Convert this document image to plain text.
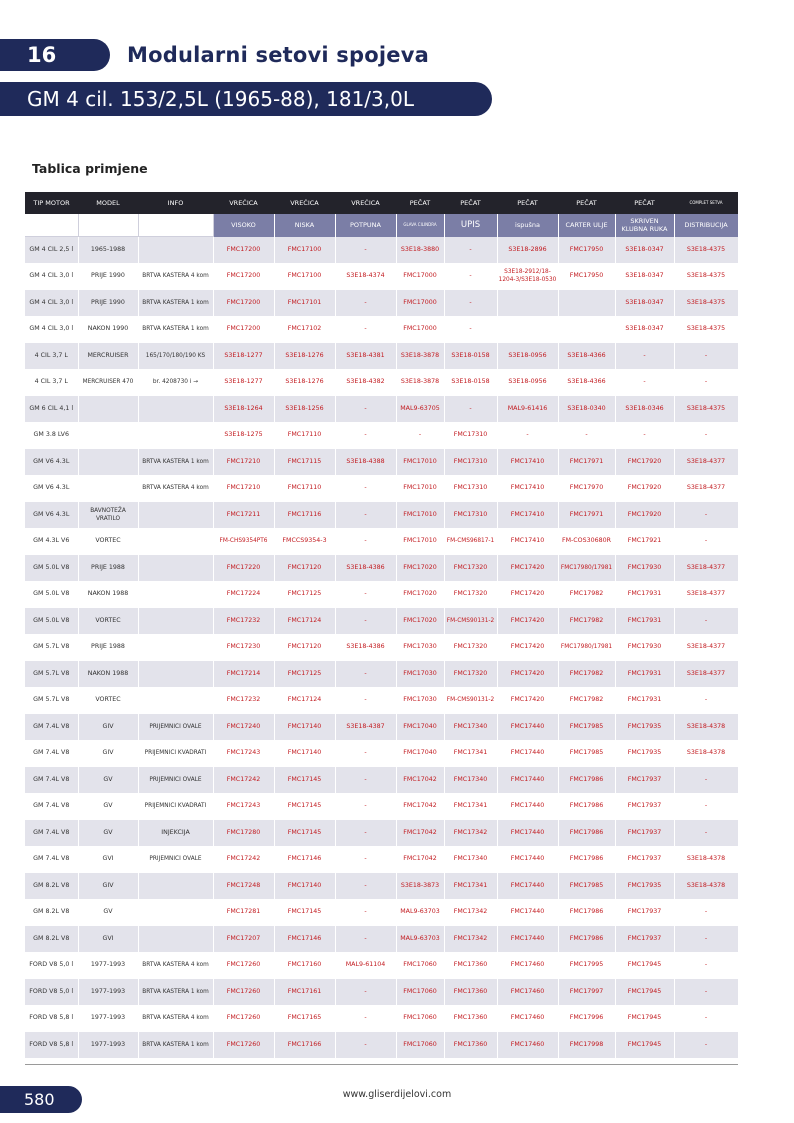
16	Modularni setovi spojeva
GM 4 cil. 153/2,5L (1965-88), 181/3,0L
Tablica primjene
TIP MOTOR	MODEL	INFO	VREĆICA	VREĆICA	VREĆICA	PEČAT	PEČAT	PEČAT	PEČAT	PEČAT	COMPLET SETVA
			VISOKO	NISKA	POTPUNA	GLAVA CILINDRA	UPIS	ispušna	CARTER ULJE	SKRIVEN KLUBNA RUKA	DISTRIBUCIJA
GM 4 CIL 2,5 l	1965-1988		FMC17200	FMC17100	-	S3E18-3880	-	S3E18-2896	FMC17950	S3E18-0347	S3E18-4375
GM 4 CIL 3,0 l	PRIJE 1990	BRTVA KASTERA 4 kom	FMC17200	FMC17100	S3E18-4374	FMC17000	-	S3E18-2912/18-1204-3/S3E18-0530	FMC17950	S3E18-0347	S3E18-4375
GM 4 CIL 3,0 l	PRIJE 1990	BRTVA KASTERA 1 kom	FMC17200	FMC17101	-	FMC17000	-			S3E18-0347	S3E18-4375
GM 4 CIL 3,0 l	NAKON 1990	BRTVA KASTERA 1 kom	FMC17200	FMC17102	-	FMC17000	-			S3E18-0347	S3E18-4375
4 CIL 3,7 L	MERCRUISER	165/170/180/190 KS	S3E18-1277	S3E18-1276	S3E18-4381	S3E18-3878	S3E18-0158	S3E18-0956	S3E18-4366	-	-
4 CIL 3,7 L	MERCRUISER 470	br. 4208730 i →	S3E18-1277	S3E18-1276	S3E18-4382	S3E18-3878	S3E18-0158	S3E18-0956	S3E18-4366	-	-
GM 6 CIL 4,1 l			S3E18-1264	S3E18-1256	-	MAL9-63705	-	MAL9-61416	S3E18-0340	S3E18-0346	S3E18-4375
GM 3.8 LV6			S3E18-1275	FMC17110	-	-	FMC17310	-	-	-	-
GM V6 4.3L		BRTVA KASTERA 1 kom	FMC17210	FMC17115	S3E18-4388	FMC17010	FMC17310	FMC17410	FMC17971	FMC17920	S3E18-4377
GM V6 4.3L		BRTVA KASTERA 4 kom	FMC17210	FMC17110	-	FMC17010	FMC17310	FMC17410	FMC17970	FMC17920	S3E18-4377
GM V6 4.3L	BAVNOTEŽA VRATILO		FMC17211	FMC17116	-	FMC17010	FMC17310	FMC17410	FMC17971	FMC17920	-
GM 4.3L V6	VORTEC		FM-CHS9354PT6	FMCCS9354-3	-	FMC17010	FM-CMS96817-1	FMC17410	FM-COS30680R	FMC17921	-
GM 5.0L V8	PRIJE 1988		FMC17220	FMC17120	S3E18-4386	FMC17020	FMC17320	FMC17420	FMC17980/17981	FMC17930	S3E18-4377
GM 5.0L V8	NAKON 1988		FMC17224	FMC17125	-	FMC17020	FMC17320	FMC17420	FMC17982	FMC17931	S3E18-4377
GM 5.0L V8	VORTEC		FMC17232	FMC17124	-	FMC17020	FM-CMS90131-2	FMC17420	FMC17982	FMC17931	-
GM 5.7L V8	PRIJE 1988		FMC17230	FMC17120	S3E18-4386	FMC17030	FMC17320	FMC17420	FMC17980/17981	FMC17930	S3E18-4377
GM 5.7L V8	NAKON 1988		FMC17214	FMC17125	-	FMC17030	FMC17320	FMC17420	FMC17982	FMC17931	S3E18-4377
GM 5.7L V8	VORTEC		FMC17232	FMC17124	-	FMC17030	FM-CMS90131-2	FMC17420	FMC17982	FMC17931	-
GM 7.4L V8	GIV	PRIJEMNICI OVALE	FMC17240	FMC17140	S3E18-4387	FMC17040	FMC17340	FMC17440	FMC17985	FMC17935	S3E18-4378
GM 7.4L V8	GIV	PRIJEMNICI KVADRATI	FMC17243	FMC17140	-	FMC17040	FMC17341	FMC17440	FMC17985	FMC17935	S3E18-4378
GM 7.4L V8	GV	PRIJEMNICI OVALE	FMC17242	FMC17145	-	FMC17042	FMC17340	FMC17440	FMC17986	FMC17937	-
GM 7.4L V8	GV	PRIJEMNICI KVADRATI	FMC17243	FMC17145	-	FMC17042	FMC17341	FMC17440	FMC17986	FMC17937	-
GM 7.4L V8	GV	INJEKCIJA	FMC17280	FMC17145	-	FMC17042	FMC17342	FMC17440	FMC17986	FMC17937	-
GM 7.4L V8	GVI	PRIJEMNICI OVALE	FMC17242	FMC17146	-	FMC17042	FMC17340	FMC17440	FMC17986	FMC17937	S3E18-4378
GM 8.2L V8	GIV		FMC17248	FMC17140	-	S3E18-3873	FMC17341	FMC17440	FMC17985	FMC17935	S3E18-4378
GM 8.2L V8	GV		FMC17281	FMC17145	-	MAL9-63703	FMC17342	FMC17440	FMC17986	FMC17937	-
GM 8.2L V8	GVI		FMC17207	FMC17146	-	MAL9-63703	FMC17342	FMC17440	FMC17986	FMC17937	-
FORD V8 5,0 l	1977-1993	BRTVA KASTERA 4 kom	FMC17260	FMC17160	MAL9-61104	FMC17060	FMC17360	FMC17460	FMC17995	FMC17945	-
FORD V8 5,0 l	1977-1993	BRTVA KASTERA 1 kom	FMC17260	FMC17161	-	FMC17060	FMC17360	FMC17460	FMC17997	FMC17945	-
FORD V8 5,8 l	1977-1993	BRTVA KASTERA 4 kom	FMC17260	FMC17165	-	FMC17060	FMC17360	FMC17460	FMC17996	FMC17945	-
FORD V8 5,8 l	1977-1993	BRTVA KASTERA 1 kom	FMC17260	FMC17166	-	FMC17060	FMC17360	FMC17460	FMC17998	FMC17945	-
580	www.gliserdijelovi.com
